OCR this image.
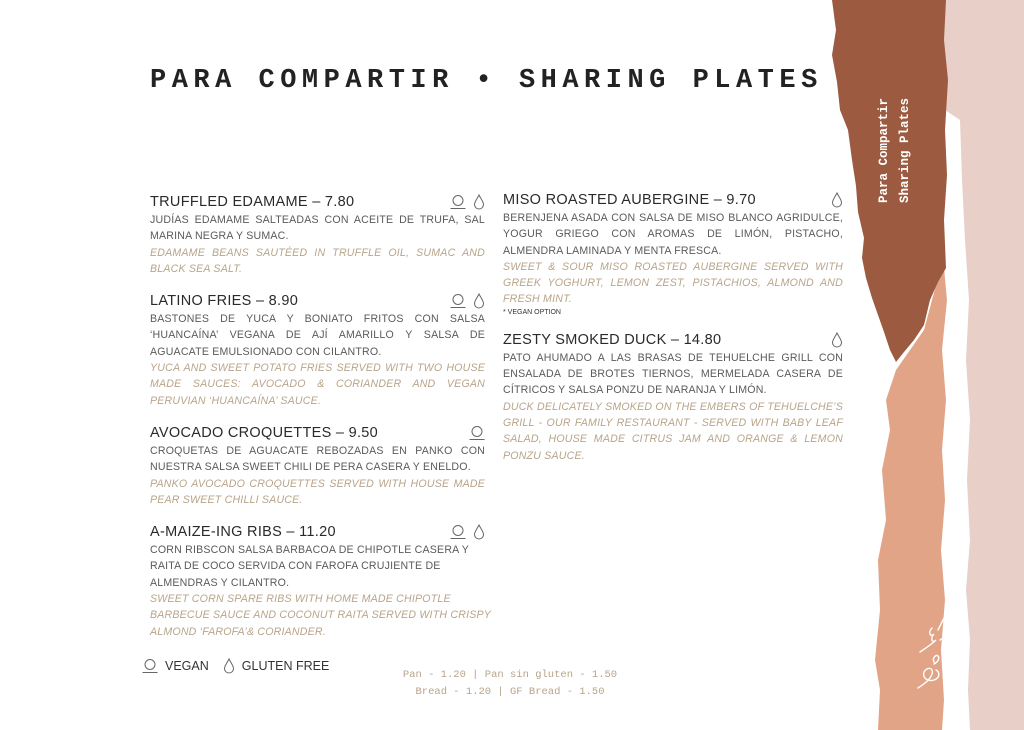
Para Compartir Sharing Plates
PARA COMPARTIR • SHARING PLATES
TRUFFLED EDAMAME – 7.80
JUDÍAS EDAMAME SALTEADAS CON ACEITE DE TRUFA, SAL MARINA NEGRA Y SUMAC.
EDAMAME BEANS SAUTÉED IN TRUFFLE OIL, SUMAC AND BLACK SEA SALT.
LATINO FRIES – 8.90
BASTONES DE YUCA Y BONIATO FRITOS CON SALSA ‘HUANCAÍNA’ VEGANA DE AJÍ AMARILLO Y SALSA DE AGUACATE EMULSIONADO CON CILANTRO.
YUCA AND SWEET POTATO FRIES SERVED WITH TWO HOUSE MADE SAUCES: AVOCADO & CORIANDER AND VEGAN PERUVIAN ‘HUANCAÍNA’ SAUCE.
AVOCADO CROQUETTES – 9.50
CROQUETAS DE AGUACATE REBOZADAS EN PANKO CON NUESTRA SALSA SWEET CHILI DE PERA CASERA Y ENELDO.
PANKO AVOCADO CROQUETTES SERVED WITH HOUSE MADE PEAR SWEET CHILLI SAUCE.
A-MAIZE-ING RIBS – 11.20
CORN RIBSCON SALSA BARBACOA DE CHIPOTLE CASERA Y RAITA DE COCO SERVIDA CON FAROFA CRUJIENTE DE ALMENDRAS Y CILANTRO.
SWEET CORN SPARE RIBS WITH HOME MADE CHIPOTLE BARBECUE SAUCE AND COCONUT RAITA SERVED WITH CRISPY ALMOND ‘FAROFA’& CORIANDER.
MISO ROASTED AUBERGINE – 9.70
BERENJENA ASADA CON SALSA DE MISO BLANCO AGRIDULCE, YOGUR GRIEGO CON AROMAS DE LIMÓN, PISTACHO, ALMENDRA LAMINADA Y MENTA FRESCA.
SWEET & SOUR MISO ROASTED AUBERGINE SERVED WITH GREEK YOGHURT, LEMON ZEST, PISTACHIOS, ALMOND AND FRESH MINT.
* VEGAN OPTION
ZESTY SMOKED DUCK – 14.80
PATO AHUMADO A LAS BRASAS DE TEHUELCHE GRILL CON ENSALADA DE BROTES TIERNOS, MERMELADA CASERA DE CÍTRICOS Y SALSA PONZU DE NARANJA Y LIMÓN.
DUCK DELICATELY SMOKED ON THE EMBERS OF TEHUELCHE’S GRILL - OUR FAMILY RESTAURANT - SERVED WITH BABY LEAF SALAD, HOUSE MADE CITRUS JAM AND ORANGE & LEMON PONZU SAUCE.
VEGAN	GLUTEN FREE
Pan - 1.20 | Pan sin gluten - 1.50
Bread - 1.20 | GF Bread - 1.50
